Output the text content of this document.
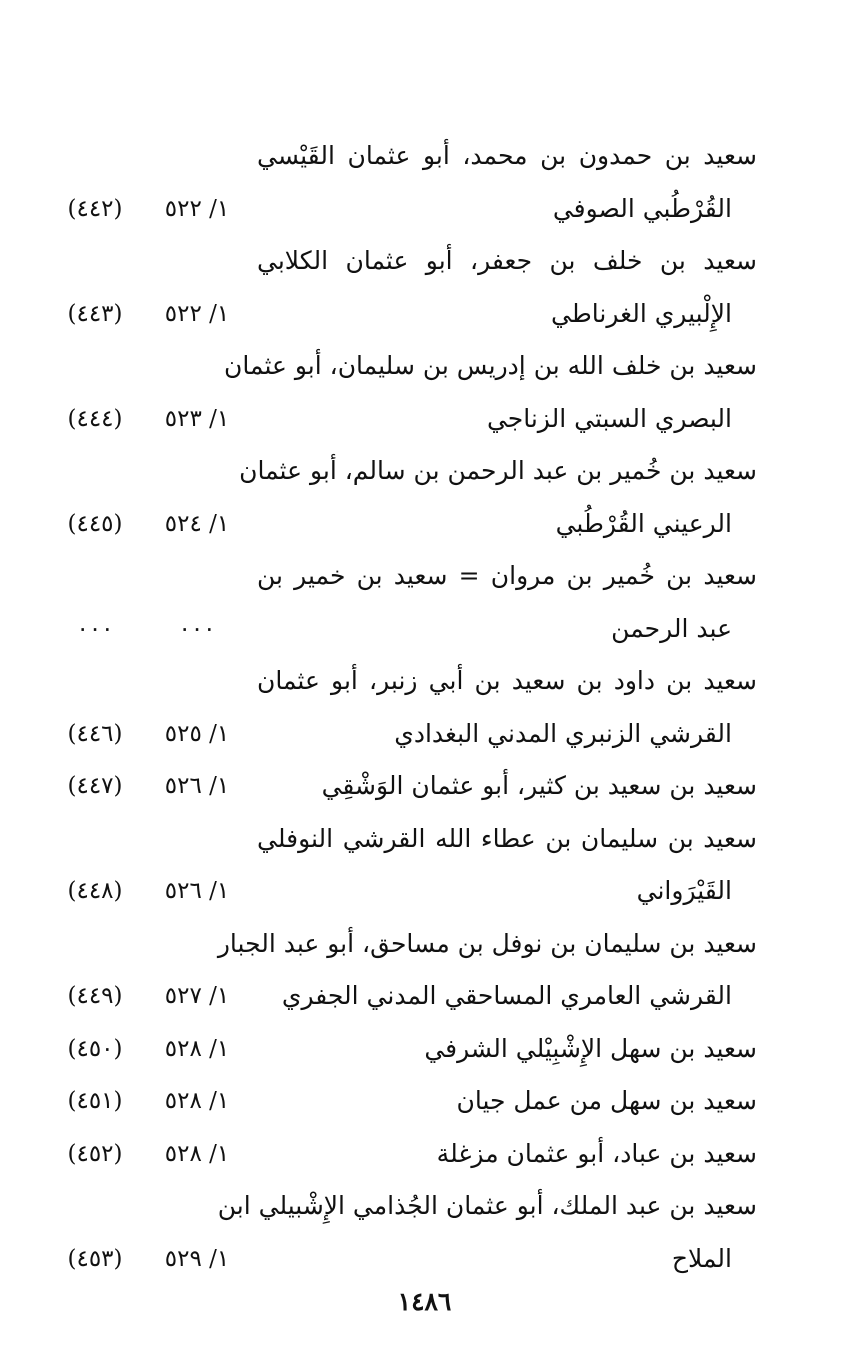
سعيد بن حمدون بن محمد، أبو عثمان القَيْسي
القُرْطُبي الصوفي
١/ ٥٢٢
(٤٤٢)
سعيد بن خلف بن جعفر، أبو عثمان الكلابي
الإِلْبيري الغرناطي
١/ ٥٢٢
(٤٤٣)
سعيد بن خلف الله بن إدريس بن سليمان، أبو عثمان
البصري السبتي الزناجي
١/ ٥٢٣
(٤٤٤)
سعيد بن خُمير بن عبد الرحمن بن سالم، أبو عثمان
الرعيني القُرْطُبي
١/ ٥٢٤
(٤٤٥)
سعيد بن خُمير بن مروان = سعيد بن خمير بن
عبد الرحمن
٠٠٠
٠٠٠
سعيد بن داود بن سعيد بن أبي زنبر، أبو عثمان
القرشي الزنبري المدني البغدادي
١/ ٥٢٥
(٤٤٦)
سعيد بن سعيد بن كثير، أبو عثمان الوَشْقِي
١/ ٥٢٦
(٤٤٧)
سعيد بن سليمان بن عطاء الله القرشي النوفلي
القَيْرَواني
١/ ٥٢٦
(٤٤٨)
سعيد بن سليمان بن نوفل بن مساحق، أبو عبد الجبار
القرشي العامري المساحقي المدني الجفري
١/ ٥٢٧
(٤٤٩)
سعيد بن سهل الإِشْبِيْلي الشرفي
١/ ٥٢٨
(٤٥٠)
سعيد بن سهل من عمل جيان
١/ ٥٢٨
(٤٥١)
سعيد بن عباد، أبو عثمان مزغلة
١/ ٥٢٨
(٤٥٢)
سعيد بن عبد الملك، أبو عثمان الجُذامي الإِشْبيلي ابن
الملاح
١/ ٥٢٩
(٤٥٣)
١٤٨٦
